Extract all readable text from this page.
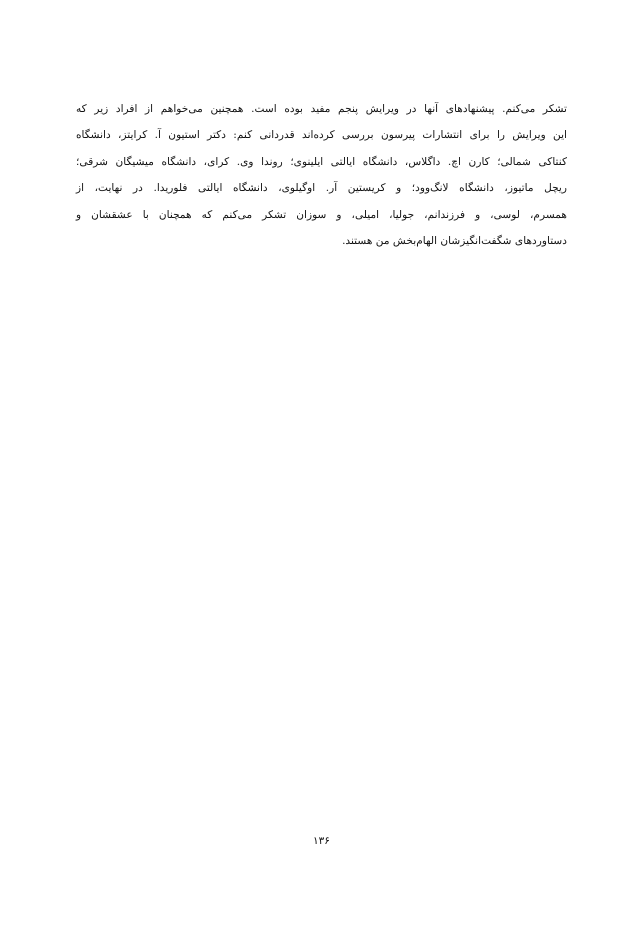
تشکر می‌کنم. پیشنهادهای آنها در ویرایش پنجم مفید بوده است. همچنین می‌خواهم از افراد زیر که
این ویرایش را برای انتشارات پیرسون بررسی کرده‌اند قدردانی کنم: دکتر استیون آ. کرایتز، دانشگاه
کنتاکی شمالی؛ کارن اچ. داگلاس، دانشگاه ایالتی ایلینوی؛ روندا وی. کرای، دانشگاه میشیگان شرقی؛
ریچل ماتیوز، دانشگاه لانگ‌وود؛ و کریستین آر. اوگیلوی، دانشگاه ایالتی فلوریدا. در نهایت، از
همسرم، لوسی، و فرزندانم، جولیا، امیلی، و سوزان تشکر می‌کنم که همچنان با عشقشان و
دستاوردهای شگفت‌انگیزشان الهام‌بخش من هستند.
۱۳۶
